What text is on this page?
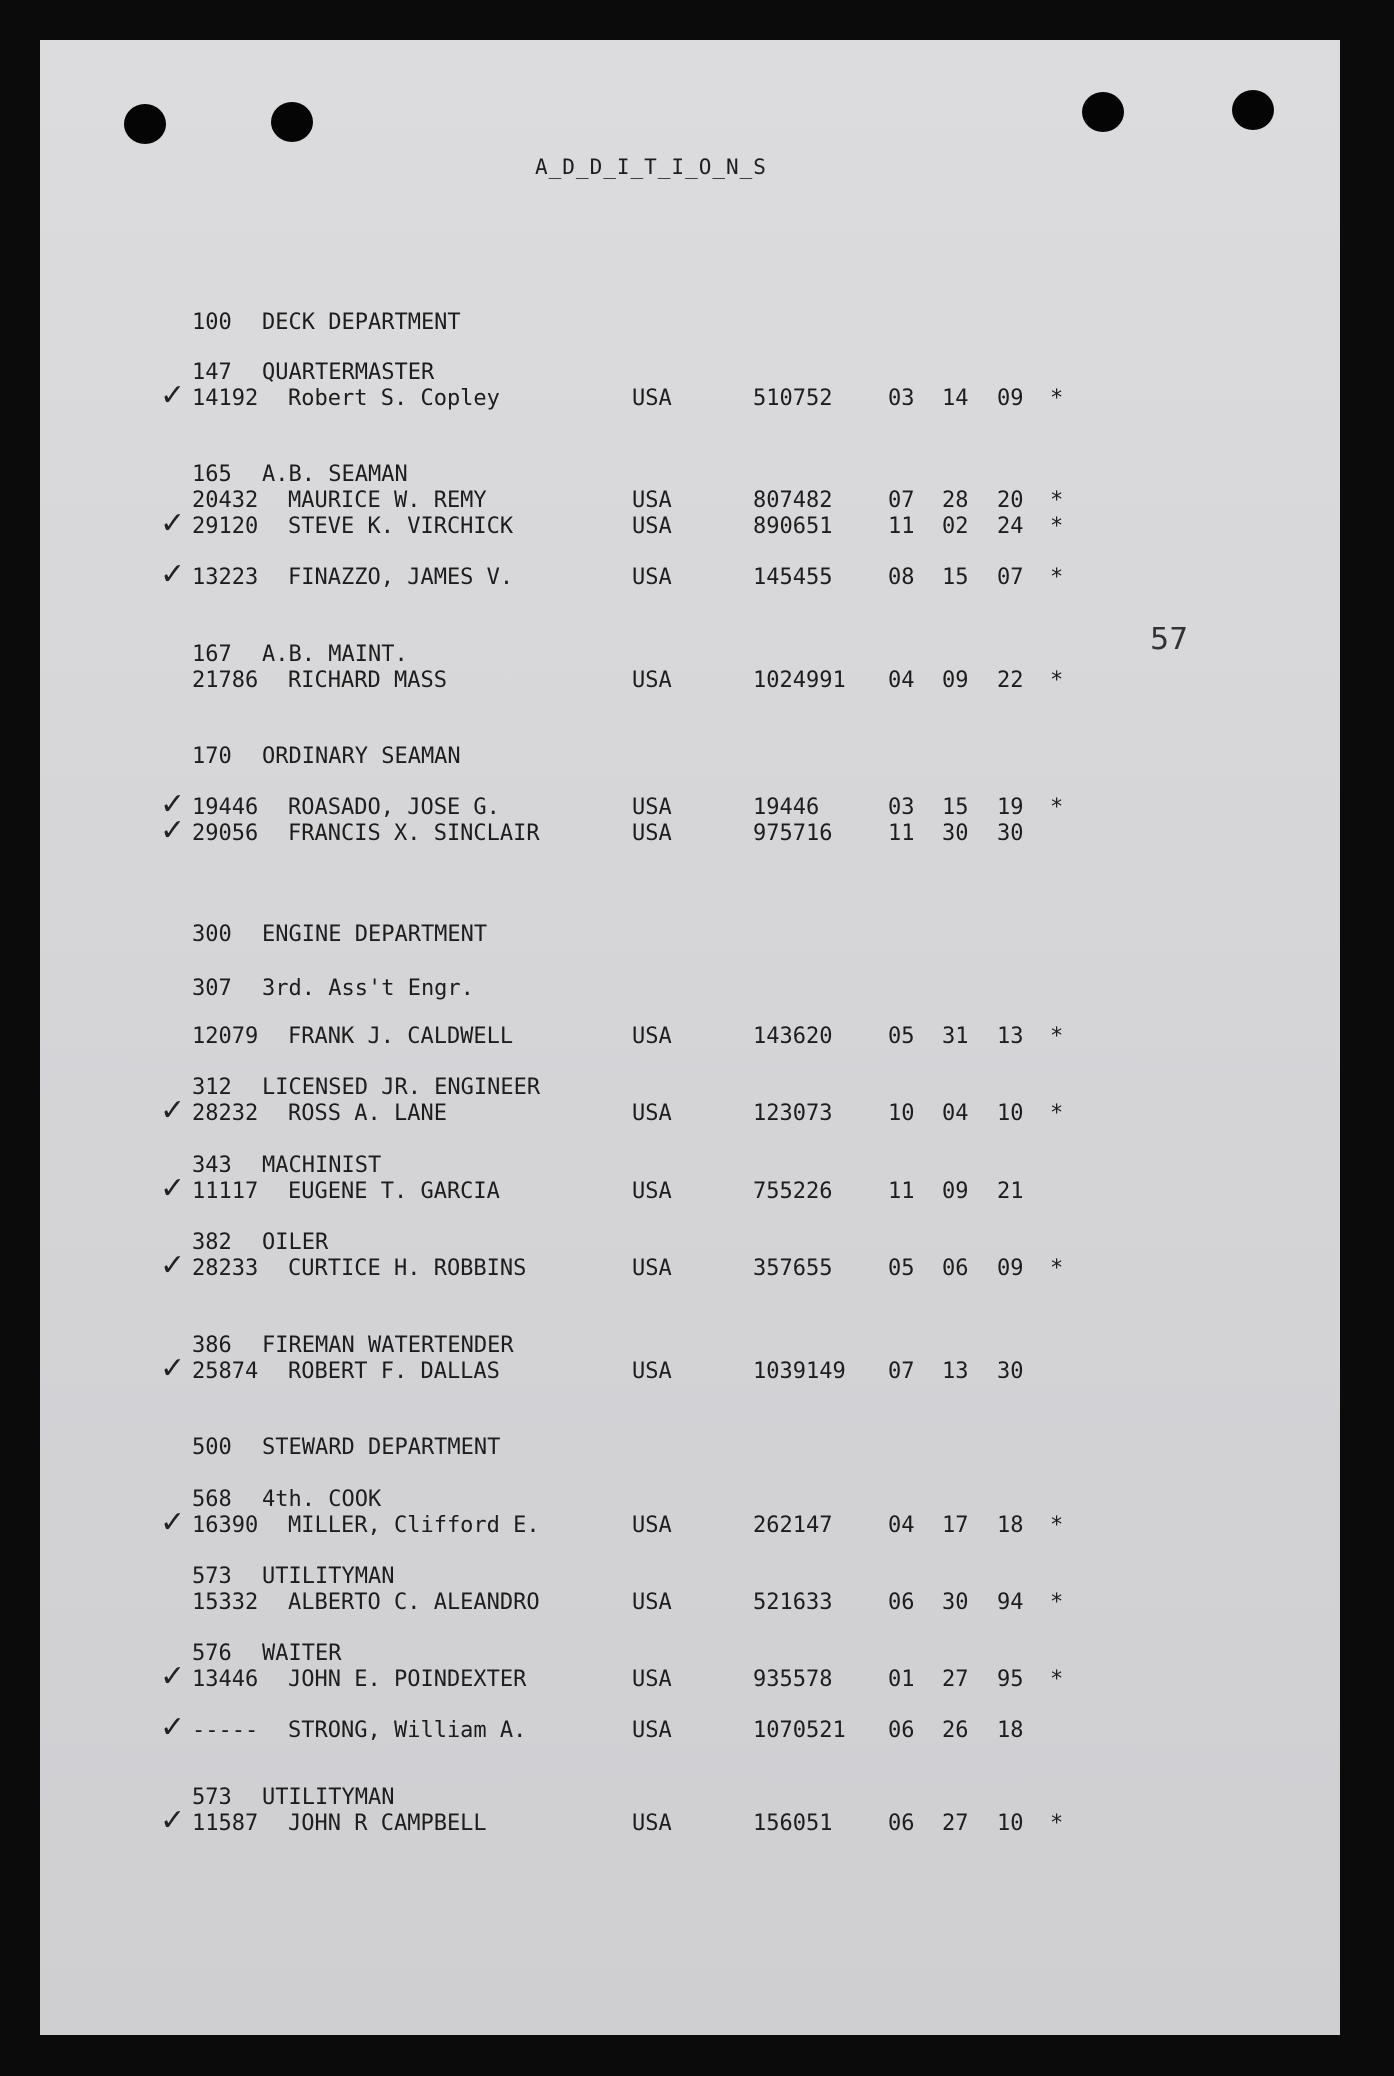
A_D_D_I_T_I_O_N_S
57
100 DECK DEPARTMENT
147 QUARTERMASTER
✓ 14192 Robert S. Copley	USA	510752	03 14 09 *
165 A.B. SEAMAN
20432 MAURICE W. REMY	USA	807482	07 28 20 *
✓ 29120 STEVE K. VIRCHICK	USA	890651	11 02 24 *
✓ 13223 FINAZZO, JAMES V.	USA	145455	08 15 07 *
167 A.B. MAINT.
21786 RICHARD MASS	USA	1024991 04 09 22 *
170 ORDINARY SEAMAN
✓ 19446 ROASADO, JOSE G.	USA	19446	03 15 19 *
✓ 29056 FRANCIS X. SINCLAIR	USA	975716	11 30 30
300 ENGINE DEPARTMENT
307 3rd. Ass't Engr.
12079 FRANK J. CALDWELL	USA	143620	05 31 13 *
312 LICENSED JR. ENGINEER
✓ 28232 ROSS A. LANE	USA	123073	10 04 10 *
343 MACHINIST
✓ 11117 EUGENE T. GARCIA	USA	755226	11 09 21
382 OILER
✓ 28233 CURTICE H. ROBBINS	USA	357655	05 06 09 *
386 FIREMAN WATERTENDER
✓ 25874 ROBERT F. DALLAS	USA	1039149 07 13 30
500 STEWARD DEPARTMENT
568 4th. COOK
✓ 16390 MILLER, Clifford E.	USA	262147	04 17 18 *
573 UTILITYMAN
15332 ALBERTO C. ALEANDRO	USA	521633	06 30 94 *
576 WAITER
✓ 13446 JOHN E. POINDEXTER	USA	935578	01 27 95 *
✓ ----- STRONG, William A.	USA	1070521 06 26 18
573 UTILITYMAN
✓ 11587 JOHN R CAMPBELL	USA	156051	06 27 10 *
